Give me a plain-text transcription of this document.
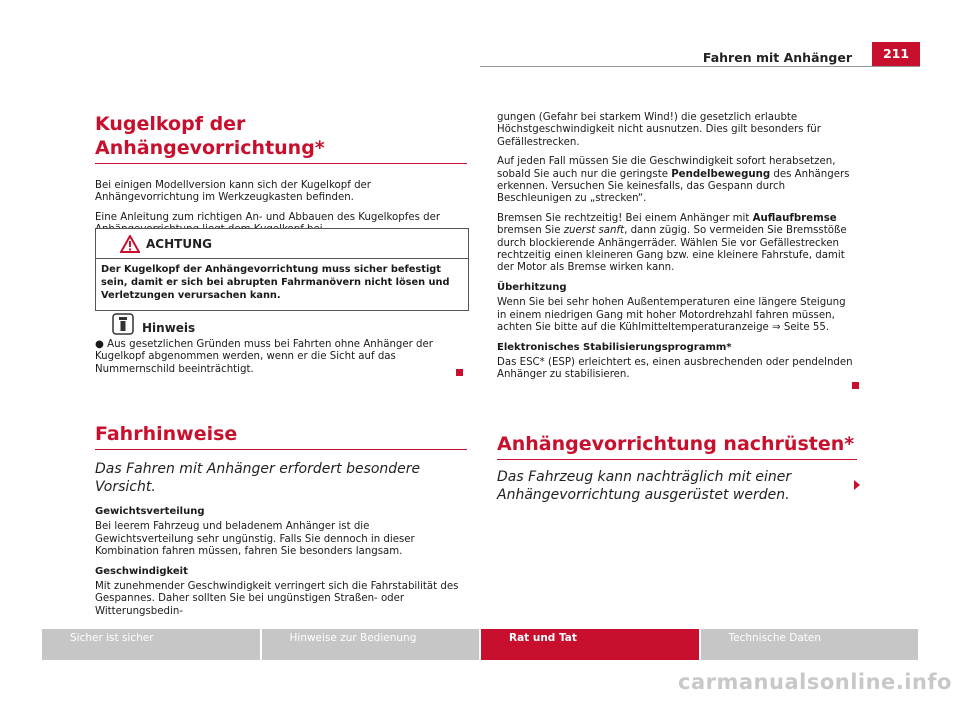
Fahren mit Anhänger	211
Kugelkopf der Anhängevorrichtung*

Bei einigen Modellversion kann sich der Kugelkopf der Anhängevorrichtung im Werkzeugkasten befinden.

Eine Anleitung zum richtigen An- und Abbauen des Kugelkopfes der

ACHTUNG
Der Kugelkopf der Anhängevorrichtung muss sicher befestigt sein, damit er sich bei abrupten Fahrmanövern nicht lösen und Verletzungen verursachen kann.
Hinweis
● Aus gesetzlichen Gründen muss bei Fahrten ohne Anhänger der Kugelkopf abgenommen werden, wenn er die Sicht auf das Nummernschild beeinträchtigt.
Fahrhinweise
Das Fahren mit Anhänger erfordert besondere Vorsicht.
Gewichtsverteilung

Bei leerem Fahrzeug und beladenem Anhänger ist die Gewichtsverteilung sehr ungünstig. Falls Sie dennoch in dieser Kombination fahren müssen, fahren Sie besonders langsam.

Geschwindigkeit

Mit zunehmender Geschwindigkeit verringert sich die Fahrstabilität des Gespannes. Daher sollten Sie bei ungünstigen Straßen- oder Witterungsbedin-

gungen (Gefahr bei starkem Wind!) die gesetzlich erlaubte Höchstgeschwindigkeit nicht ausnutzen. Dies gilt besonders für Gefällestrecken.

Auf jeden Fall müssen Sie die Geschwindigkeit sofort herabsetzen, sobald Sie auch nur die geringste Pendelbewegung des Anhängers erkennen. Versuchen Sie keinesfalls, das Gespann durch Beschleunigen zu „strecken“.

Bremsen Sie rechtzeitig! Bei einem Anhänger mit Auflaufbremse bremsen Sie zuerst sanft, dann zügig. So vermeiden Sie Bremsstöße durch blockierende Anhängerräder. Wählen Sie vor Gefällestrecken rechtzeitig einen kleineren Gang bzw. eine kleinere Fahrstufe, damit der Motor als Bremse wirken kann.

Überhitzung

Wenn Sie bei sehr hohen Außentemperaturen eine längere Steigung in einem niedrigen Gang mit hoher Motordrehzahl fahren müssen, achten Sie bitte auf die Kühlmitteltemperaturanzeige ⇒ Seite 55.

Elektronisches Stabilisierungsprogramm*

Das ESC* (ESP) erleichtert es, einen ausbrechenden oder pendelnden Anhänger zu stabilisieren.

Anhängevorrichtung nachrüsten*
Das Fahrzeug kann nachträglich mit einer Anhängevorrichtung ausgerüstet werden.
Sicher ist sicher	Hinweise zur Bedienung	Rat und Tat	Technische Daten
carmanualsonline.info
